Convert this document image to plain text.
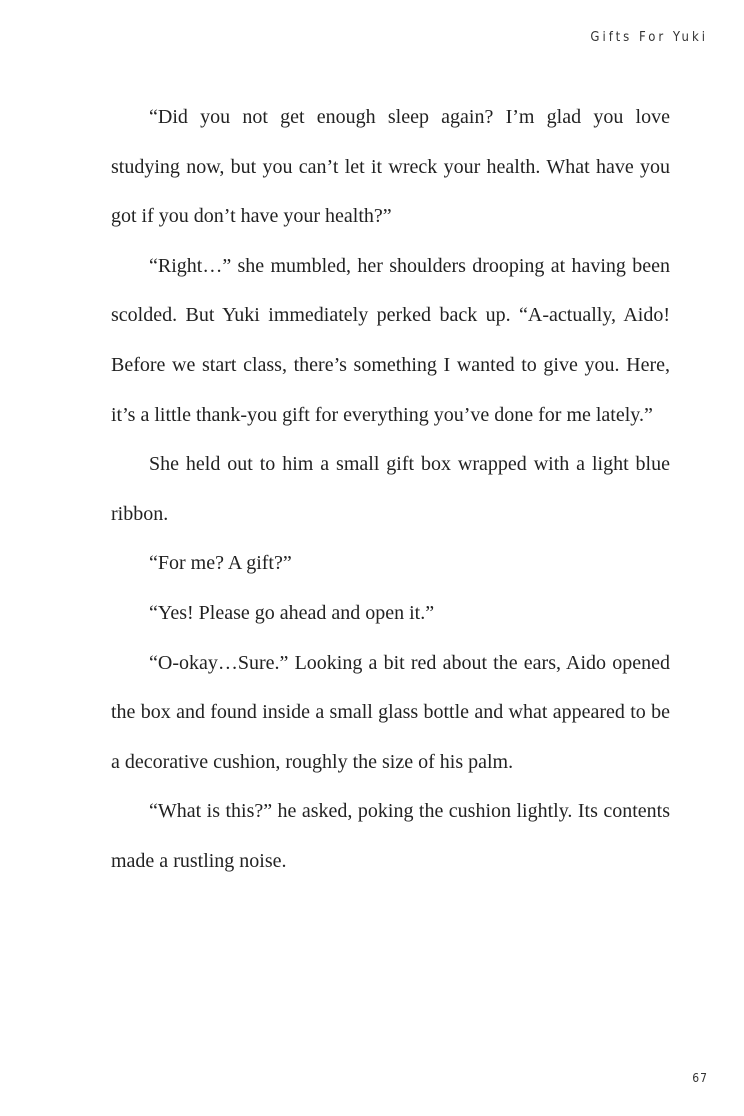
Gifts For Yuki

“Did you not get enough sleep again? I’m glad you love studying now, but you can’t let it wreck your health. What have you got if you don’t have your health?”

“Right…” she mumbled, her shoulders drooping at having been scolded. But Yuki immediately perked back up. “A-actually, Aido! Before we start class, there’s something I wanted to give you. Here, it’s a little thank-you gift for everything you’ve done for me lately.”

She held out to him a small gift box wrapped with a light blue ribbon.

“For me? A gift?”

“Yes! Please go ahead and open it.”

“O-okay…Sure.” Looking a bit red about the ears, Aido opened the box and found inside a small glass bottle and what appeared to be a decorative cushion, roughly the size of his palm.

“What is this?” he asked, poking the cushion lightly. Its contents made a rustling noise.

67
